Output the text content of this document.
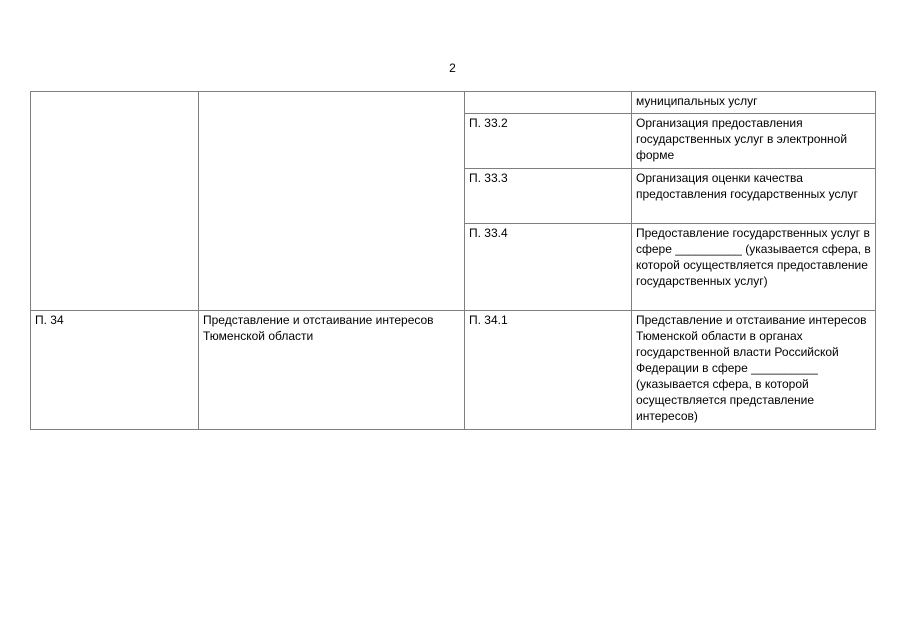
2
			муниципальных услуг
		П. 33.2	Организация предоставления государственных услуг в электронной форме
		П. 33.3	Организация оценки качества предоставления государственных услуг
		П. 33.4	Предоставление государственных услуг в сфере __________ (указывается сфера, в которой осуществляется предоставление государственных услуг)
П. 34	Представление и отстаивание интересов Тюменской области	П. 34.1	Представление и отстаивание интересов Тюменской области в органах государственной власти Российской Федерации в сфере __________ (указывается сфера, в которой осуществляется представление интересов)
